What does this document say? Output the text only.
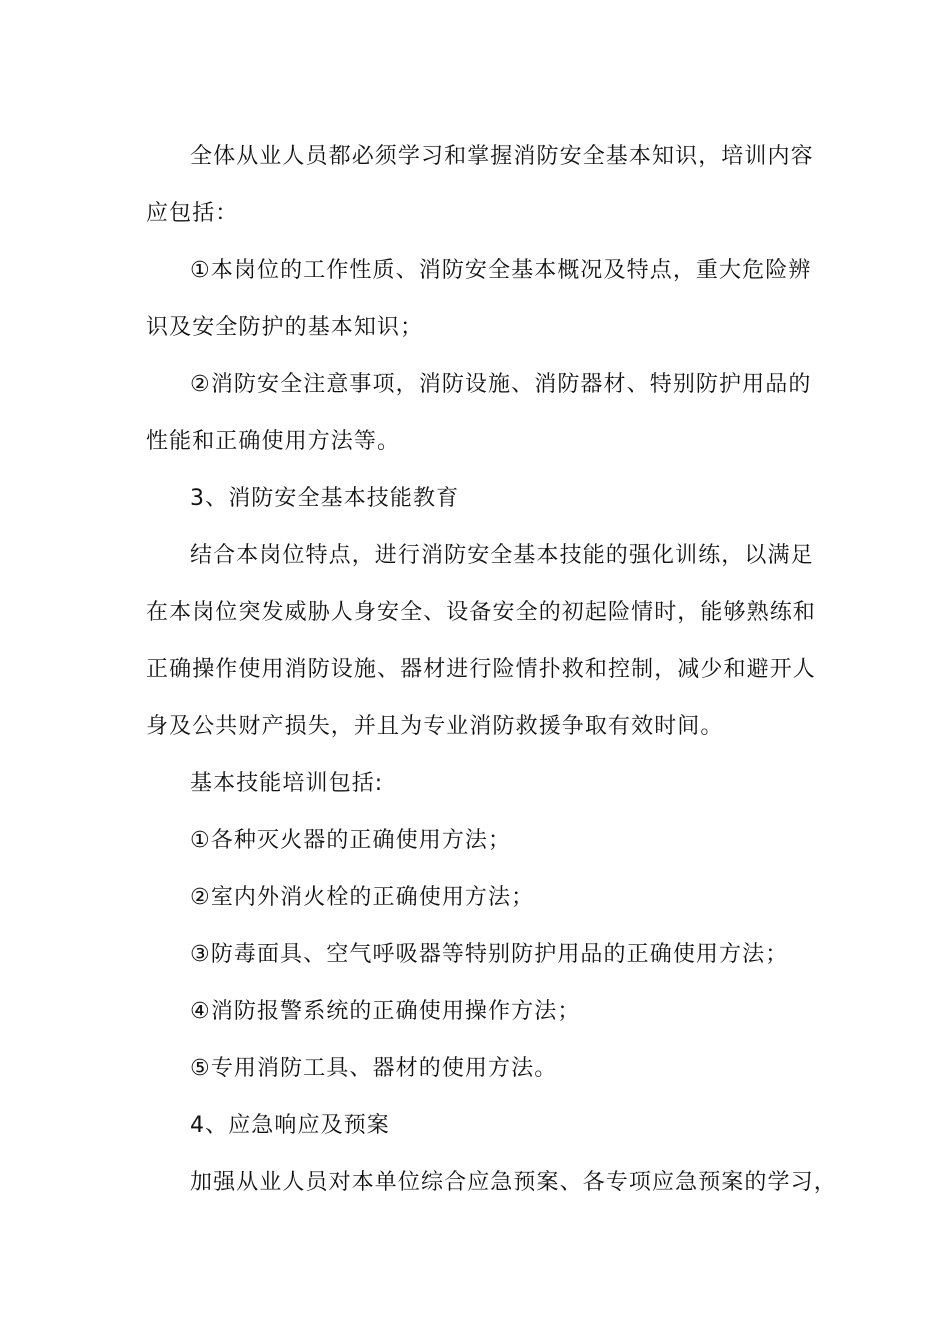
全体从业人员都必须学习和掌握消防安全基本知识，培训内容
应包括：
①本岗位的工作性质、消防安全基本概况及特点，重大危险辨
识及安全防护的基本知识；
②消防安全注意事项，消防设施、消防器材、特别防护用品的
性能和正确使用方法等。
3、消防安全基本技能教育
结合本岗位特点，进行消防安全基本技能的强化训练，以满足
在本岗位突发威胁人身安全、设备安全的初起险情时，能够熟练和
正确操作使用消防设施、器材进行险情扑救和控制，减少和避开人
身及公共财产损失，并且为专业消防救援争取有效时间。
基本技能培训包括:
①各种灭火器的正确使用方法；
②室内外消火栓的正确使用方法；
③防毒面具、空气呼吸器等特别防护用品的正确使用方法；
④消防报警系统的正确使用操作方法；
⑤专用消防工具、器材的使用方法。
4、应急响应及预案
加强从业人员对本单位综合应急预案、各专项应急预案的学习，
